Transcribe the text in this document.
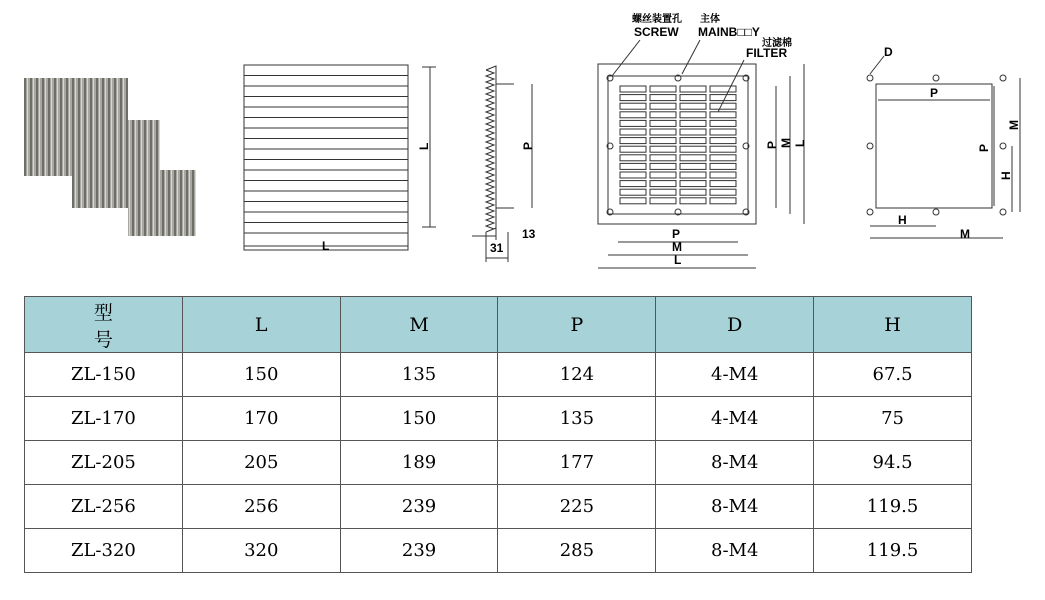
L
L
P
31
13
螺丝装置孔
SCREW
主体
MAINB□□Y
过滤棉
FILTER
P
M
L
P M L
D
P
P
H
M
H
M
型 号	L	M	P	D	H
ZL-150	150	135	124	4-M4	67.5
ZL-170	170	150	135	4-M4	75
ZL-205	205	189	177	8-M4	94.5
ZL-256	256	239	225	8-M4	119.5
ZL-320	320	239	285	8-M4	119.5
